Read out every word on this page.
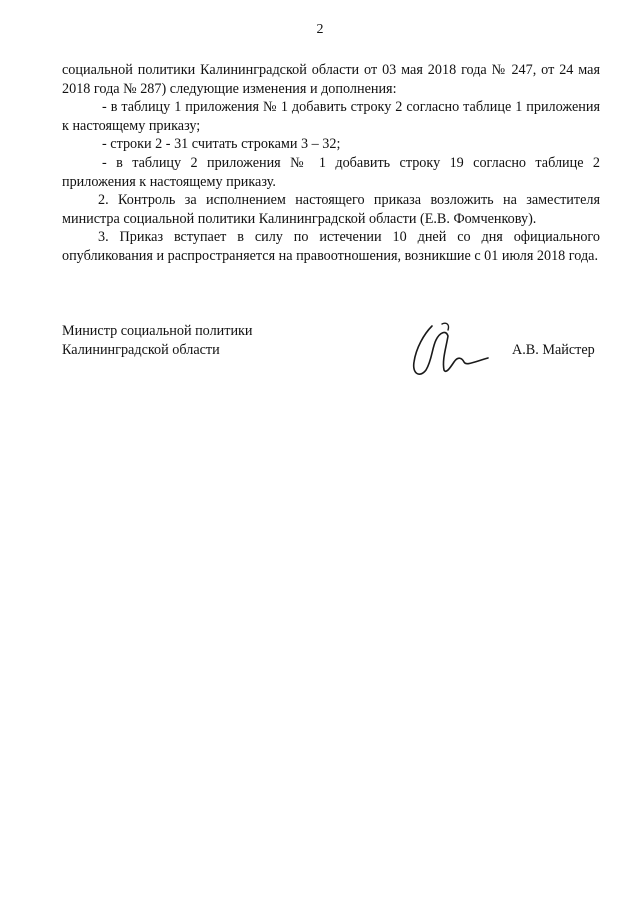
2

социальной политики Калининградской области от 03 мая 2018 года № 247, от 24 мая 2018 года № 287) следующие изменения и дополнения:

- в таблицу 1 приложения № 1 добавить строку 2 согласно таблице 1 приложения к настоящему приказу;

- строки 2 - 31 считать строками 3 – 32;

- в таблицу 2 приложения № 1 добавить строку 19 согласно таблице 2 приложения к настоящему приказу.

2. Контроль за исполнением настоящего приказа возложить на заместителя министра социальной политики Калининградской области (Е.В. Фомченкову).

3. Приказ вступает в силу по истечении 10 дней со дня официального опубликования и распространяется на правоотношения, возникшие с 01 июля 2018 года.

Министр социальной политики
Калининградской области	А.В. Майстер
